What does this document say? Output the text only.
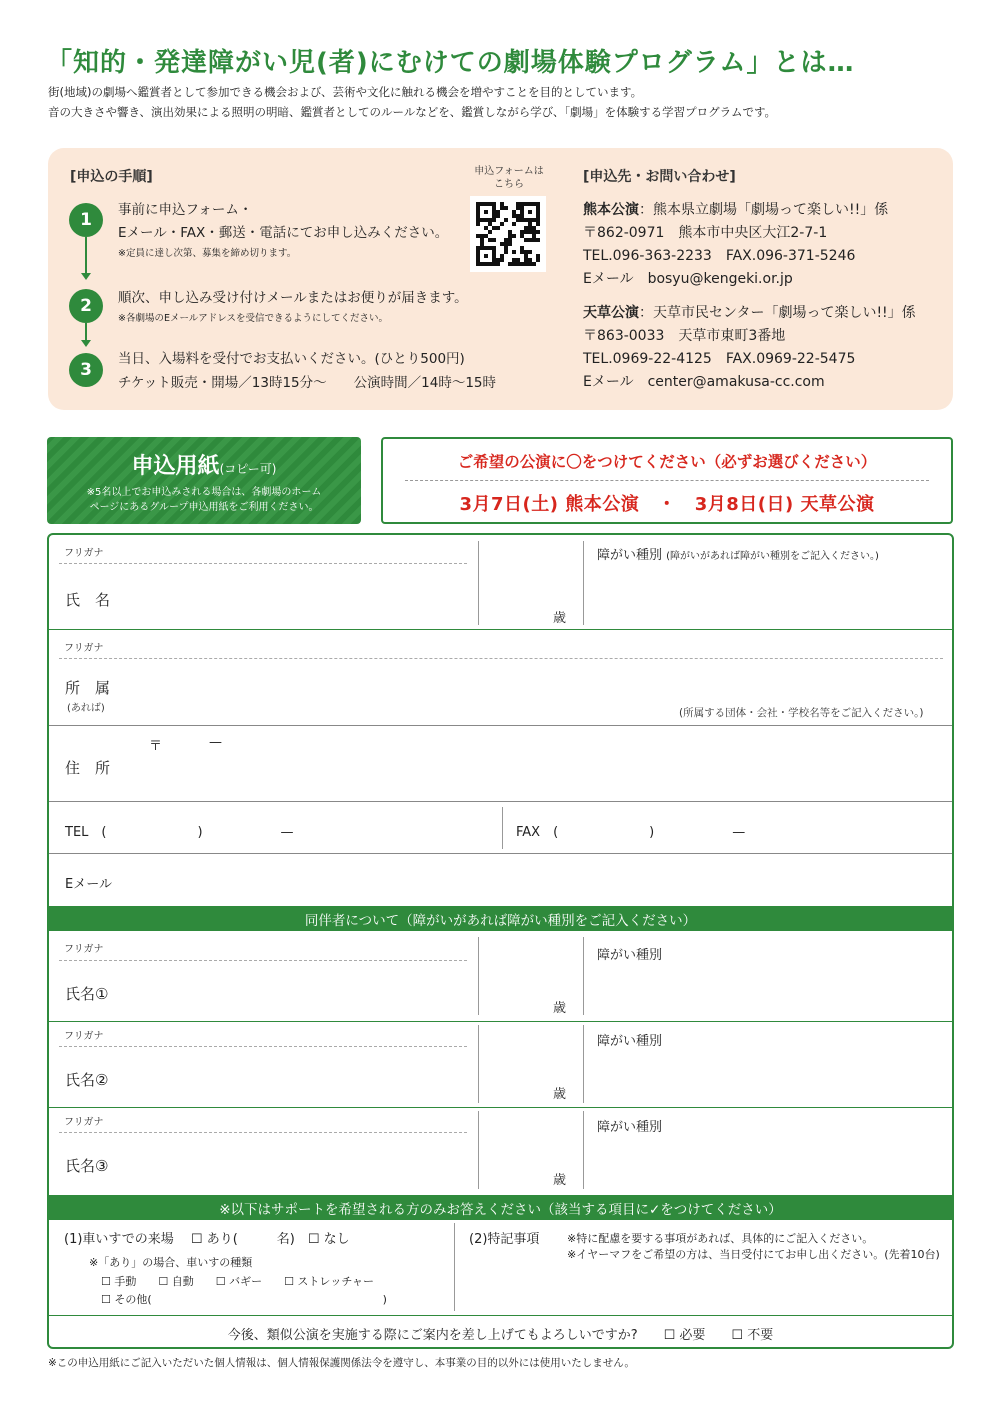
「知的・発達障がい児(者)にむけての劇場体験プログラム」とは…
街(地域)の劇場へ鑑賞者として参加できる機会および、芸術や文化に触れる機会を増やすことを目的としています。
音の大きさや響き、演出効果による照明の明暗、鑑賞者としてのルールなどを、鑑賞しながら学び、「劇場」を体験する学習プログラムです。
[申込の手順]
1	事前に申込フォーム・
Eメール・FAX・郵送・電話にてお申し込みください。
※定員に達し次第、募集を締め切ります。
2	順次、申し込み受け付けメールまたはお便りが届きます。
※各劇場のEメールアドレスを受信できるようにしてください。
3
当日、入場料を受付でお支払いください。(ひとり500円)
チケット販売・開場／13時15分〜　　公演時間／14時〜15時
申込フォームは
こちら	[申込先・お問い合わせ]
熊本公演：熊本県立劇場「劇場って楽しい!!」係
〒862-0971　熊本市中央区大江2-7-1
TEL.096-363-2233　FAX.096-371-5246
Eメール　bosyu@kengeki.or.jp
天草公演：天草市民センター「劇場って楽しい!!」係
〒863-0033　天草市東町3番地
TEL.0969-22-4125　FAX.0969-22-5475
Eメール　center@amakusa-cc.com
申込用紙(コピー可)
※5名以上でお申込みされる場合は、各劇場のホーム
ページにあるグループ申込用紙をご利用ください。
ご希望の公演に〇をつけてください（必ずお選びください）
3月7日(土) 熊本公演　・　3月8日(日) 天草公演
フリガナ
氏　名
歳
障がい種別 (障がいがあれば障がい種別をご記入ください。)
フリガナ
所　属
(あれば)	(所属する団体・会社・学校名等をご記入ください。)
〒	—
住　所
TEL　(　　　　　　　)　　　　　　—	FAX　(　　　　　　　)　　　　　　—
Eメール
同伴者について（障がいがあれば障がい種別をご記入ください）
フリガナ
氏名①
歳
障がい種別
フリガナ
氏名②
歳
障がい種別
フリガナ
氏名③
歳
障がい種別
※以下はサポートを希望される方のみお答えください（該当する項目に✓をつけてください）
(1)車いすでの来場　 ☐ あり(　　　名)　☐ なし
※「あり」の場合、車いすの種類
☐ 手動　　☐ 自動　　☐ バギー　　☐ ストレッチャー
☐ その他(　　　　　　　　　　　　　　　　　　　　　)
(2)特記事項	※特に配慮を要する事項があれば、具体的にご記入ください。
※イヤーマフをご希望の方は、当日受付にてお申し出ください。(先着10台)
今後、類似公演を実施する際にご案内を差し上げてもよろしいですか?　　☐ 必要　　☐ 不要
※この申込用紙にご記入いただいた個人情報は、個人情報保護関係法令を遵守し、本事業の目的以外には使用いたしません。
